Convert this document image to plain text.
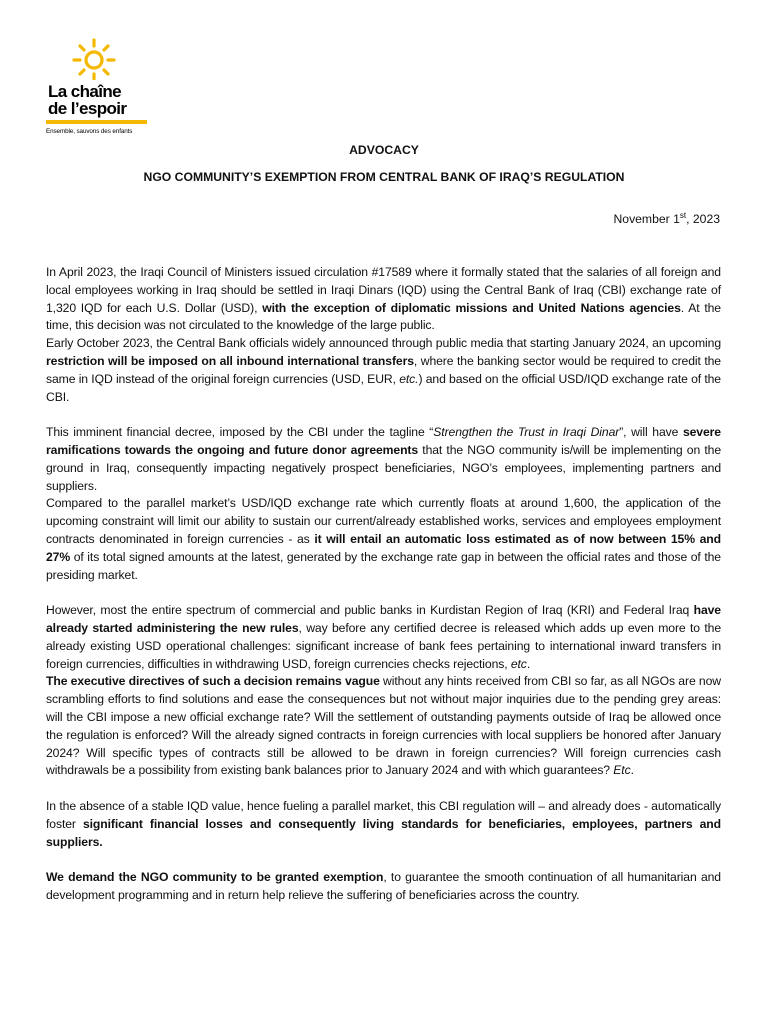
La chaîne
de l’espoir
Ensemble, sauvons des enfants
ADVOCACY
NGO COMMUNITY’S EXEMPTION FROM CENTRAL BANK OF IRAQ’S REGULATION
November 1st, 2023

In April 2023, the Iraqi Council of Ministers issued circulation #17589 where it formally stated that the salaries of all foreign and local employees working in Iraq should be settled in Iraqi Dinars (IQD) using the Central Bank of Iraq (CBI) exchange rate of 1,320 IQD for each U.S. Dollar (USD), with the exception of diplomatic missions and United Nations agencies. At the time, this decision was not circulated to the knowledge of the large public.

Early October 2023, the Central Bank officials widely announced through public media that starting January 2024, an upcoming restriction will be imposed on all inbound international transfers, where the banking sector would be required to credit the same in IQD instead of the original foreign currencies (USD, EUR, etc.) and based on the official USD/IQD exchange rate of the CBI.

This imminent financial decree, imposed by the CBI under the tagline “Strengthen the Trust in Iraqi Dinar”, will have severe ramifications towards the ongoing and future donor agreements that the NGO community is/will be implementing on the ground in Iraq, consequently impacting negatively prospect beneficiaries, NGO’s employees, implementing partners and suppliers.

Compared to the parallel market’s USD/IQD exchange rate which currently floats at around 1,600, the application of the upcoming constraint will limit our ability to sustain our current/already established works, services and employees employment contracts denominated in foreign currencies - as it will entail an automatic loss estimated as of now between 15% and 27% of its total signed amounts at the latest, generated by the exchange rate gap in between the official rates and those of the presiding market.

However, most the entire spectrum of commercial and public banks in Kurdistan Region of Iraq (KRI) and Federal Iraq have already started administering the new rules, way before any certified decree is released which adds up even more to the already existing USD operational challenges: significant increase of bank fees pertaining to international inward transfers in foreign currencies, difficulties in withdrawing USD, foreign currencies checks rejections, etc.

The executive directives of such a decision remains vague without any hints received from CBI so far, as all NGOs are now scrambling efforts to find solutions and ease the consequences but not without major inquiries due to the pending grey areas: will the CBI impose a new official exchange rate? Will the settlement of outstanding payments outside of Iraq be allowed once the regulation is enforced? Will the already signed contracts in foreign currencies with local suppliers be honored after January 2024? Will specific types of contracts still be allowed to be drawn in foreign currencies? Will foreign currencies cash withdrawals be a possibility from existing bank balances prior to January 2024 and with which guarantees? Etc.

In the absence of a stable IQD value, hence fueling a parallel market, this CBI regulation will – and already does - automatically foster significant financial losses and consequently living standards for beneficiaries, employees, partners and suppliers.

We demand the NGO community to be granted exemption, to guarantee the smooth continuation of all humanitarian and development programming and in return help relieve the suffering of beneficiaries across the country.
